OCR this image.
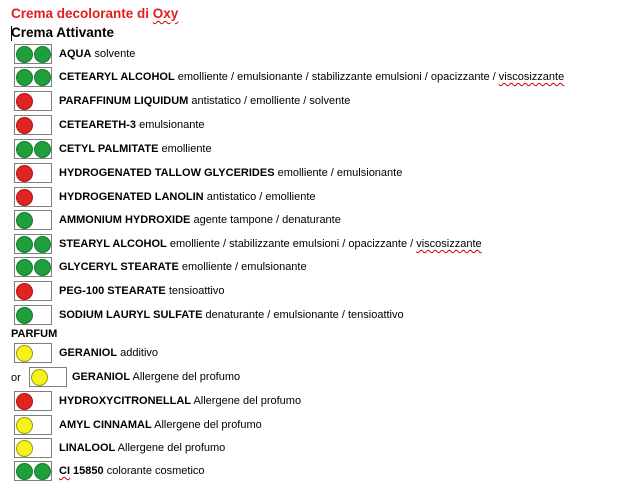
Crema decolorante di Oxy
Crema Attivante
AQUA solvente
CETEARYL ALCOHOL emolliente / emulsionante / stabilizzante emulsioni / opacizzante / viscosizzante
PARAFFINUM LIQUIDUM antistatico / emolliente / solvente
CETEARETH-3 emulsionante
CETYL PALMITATE emolliente
HYDROGENATED TALLOW GLYCERIDES emolliente / emulsionante
HYDROGENATED LANOLIN antistatico / emolliente
AMMONIUM HYDROXIDE agente tampone / denaturante
STEARYL ALCOHOL emolliente / stabilizzante emulsioni / opacizzante / viscosizzante
GLYCERYL STEARATE emolliente / emulsionante
PEG-100 STEARATE tensioattivo
SODIUM LAURYL SULFATE denaturante / emulsionante / tensioattivo
GERANIOL additivo
or	GERANIOL Allergene del profumo
HYDROXYCITRONELLAL Allergene del profumo
AMYL CINNAMAL Allergene del profumo
LINALOOL Allergene del profumo
CI 15850 colorante cosmetico
PARFUM
